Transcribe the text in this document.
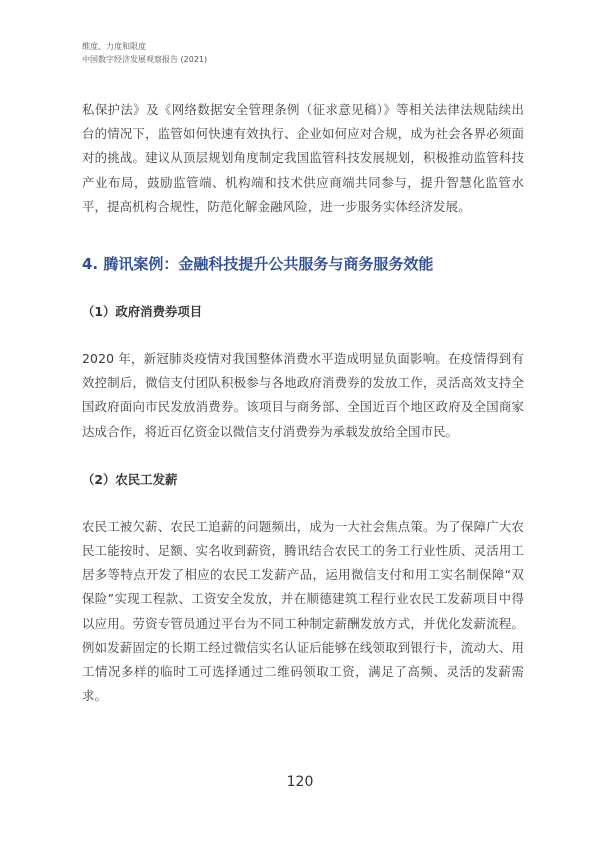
维度、力度和限度
中国数字经济发展观察报告 (2021)

私保护法》及《网络数据安全管理条例（征求意见稿）》等相关法律法规陆续出台的情况下，监管如何快速有效执行、企业如何应对合规，成为社会各界必须面对的挑战。建议从顶层规划角度制定我国监管科技发展规划，积极推动监管科技产业布局，鼓励监管端、机构端和技术供应商端共同参与，提升智慧化监管水平，提高机构合规性，防范化解金融风险，进一步服务实体经济发展。

4. 腾讯案例：金融科技提升公共服务与商务服务效能
（1）政府消费券项目

2020 年，新冠肺炎疫情对我国整体消费水平造成明显负面影响。在疫情得到有效控制后，微信支付团队积极参与各地政府消费券的发放工作，灵活高效支持全国政府面向市民发放消费券。该项目与商务部、全国近百个地区政府及全国商家达成合作，将近百亿资金以微信支付消费券为承载发放给全国市民。

（2）农民工发薪

农民工被欠薪、农民工追薪的问题频出，成为一大社会焦点策。为了保障广大农民工能按时、足额、实名收到薪资，腾讯结合农民工的务工行业性质、灵活用工居多等特点开发了相应的农民工发薪产品，运用微信支付和用工实名制保障“双保险”实现工程款、工资安全发放，并在顺德建筑工程行业农民工发薪项目中得以应用。劳资专管员通过平台为不同工种制定薪酬发放方式，并优化发薪流程。例如发薪固定的长期工经过微信实名认证后能够在线领取到银行卡，流动大、用工情况多样的临时工可选择通过二维码领取工资，满足了高频、灵活的发薪需求。

120
